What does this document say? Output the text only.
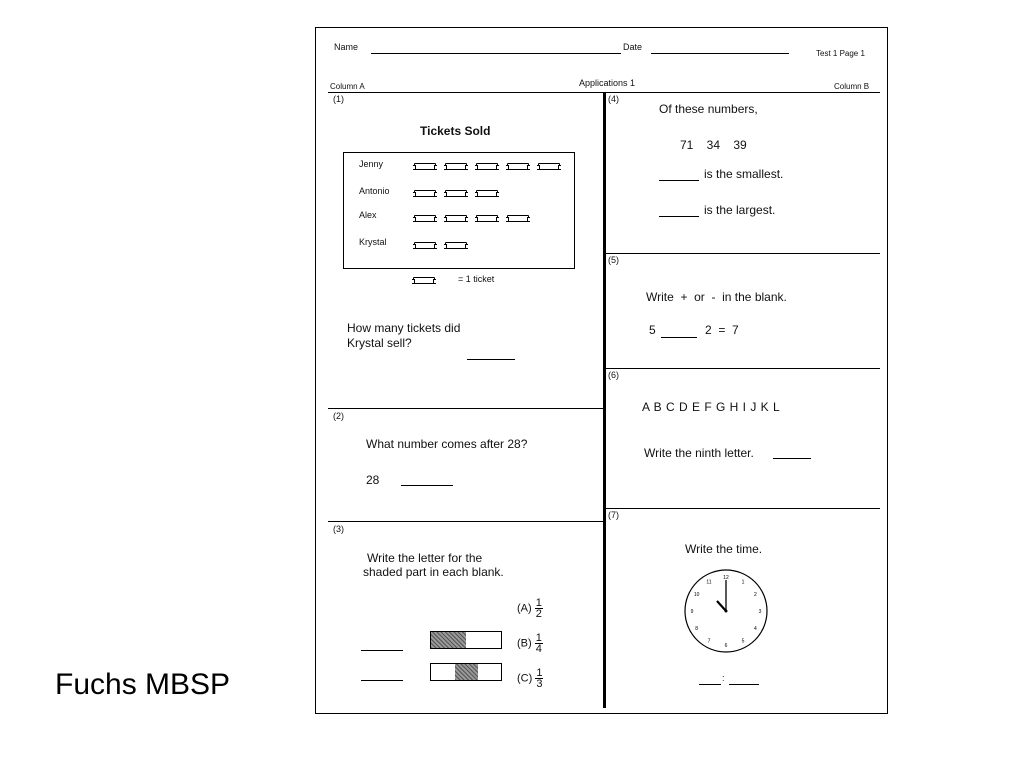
Fuchs MBSP
Name	Date
Test 1 Page 1
Column A	Applications 1	Column B
(1)
Tickets Sold
Jenny
Antonio
Alex
Krystal
= 1 ticket
How many tickets did
Krystal sell?
(2)
What number comes after 28?
28
(3)
Write the letter for the
shaded part in each blank.
$(A) \frac{1}{2}$
$(B) \frac{1}{4}$
$(C) \frac{1}{3}$
(4)
Of these numbers,
71    34    39
is the smallest.
is the largest.
(5)
Write  +  or  -  in the blank.
5	2  =  7
(6)
A B C D E F G H I J K L
Write the ninth letter.
(7)
Write the time.
12
1
2
3
4
5
6
7
8
9
10
11
:
